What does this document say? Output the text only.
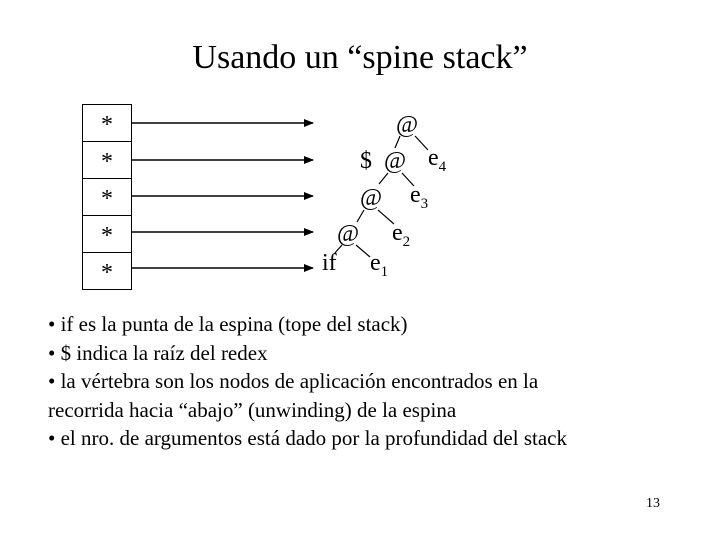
Usando un “spine stack”
*
*
*
*
*
@
$ @
@
@
if
$e_4$
$e_3$
$e_2$
$e_1$

• if es la punta de la espina (tope del stack)

• $ indica la raíz del redex

• la vértebra son los nodos de aplicación encontrados en la

recorrida hacia “abajo” (unwinding) de la espina

• el nro. de argumentos está dado por la profundidad del stack

13
